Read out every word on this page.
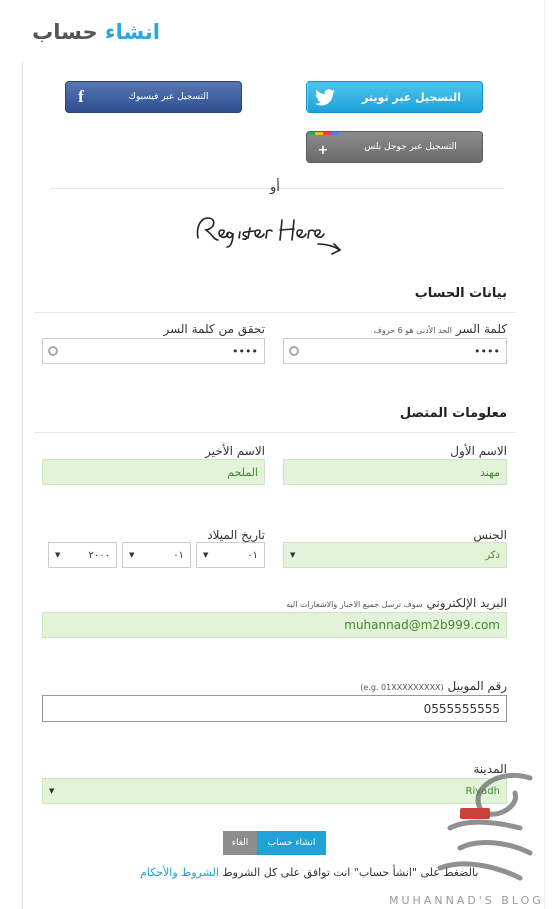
انشاء حساب
التسجيل عبر تويتر
f	التسجيل عبر فيسبوك
+	التسجيل عبر جوجل بلس
أو
بيانات الحساب
كلمة السر الحد الأدنى هو 6 حروف
••••
تحقق من كلمة السر
••••
معلومات المتصل
الاسم الأول
مهند
الاسم الأخير
الملحم
الجنس
ذكر
▼
تاريخ الميلاد
٠١
▼
٠١
▼
٢٠٠٠
▼
البريد الإلكتروني سوف ترسل جميع الاخبار والاشعارات اليه
muhannad@m2b999.com
رقم الموبيل (e.g. 01XXXXXXXXX)
0555555555
المدينة
Riyadh
▼
انشاء حساب
الغاء
بالضغط على "انشأ حساب" انت توافق على كل الشروط الشروط والأحكام
MUHANNAD'S BLOG
